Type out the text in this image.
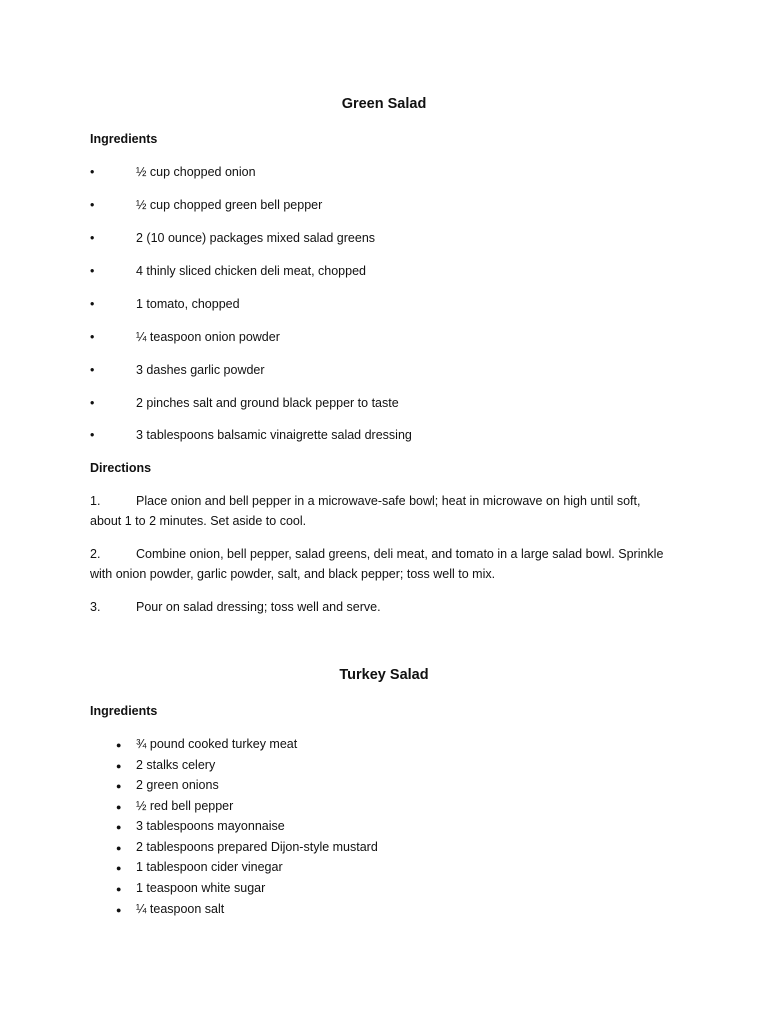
Green Salad
Ingredients
•	½ cup chopped onion
•	½ cup chopped green bell pepper
•	2 (10 ounce) packages mixed salad greens
•	4 thinly sliced chicken deli meat, chopped
•	1 tomato, chopped
•	¼ teaspoon onion powder
•	3 dashes garlic powder
•	2 pinches salt and ground black pepper to taste
•	3 tablespoons balsamic vinaigrette salad dressing
Directions
1.	Place onion and bell pepper in a microwave-safe bowl; heat in microwave on high until soft,
about 1 to 2 minutes. Set aside to cool.
2.	Combine onion, bell pepper, salad greens, deli meat, and tomato in a large salad bowl. Sprinkle
with onion powder, garlic powder, salt, and black pepper; toss well to mix.
3.	Pour on salad dressing; toss well and serve.
Turkey Salad
Ingredients
● ¾ pound cooked turkey meat
● 2 stalks celery
● 2 green onions
● ½ red bell pepper
● 3 tablespoons mayonnaise
● 2 tablespoons prepared Dijon-style mustard
● 1 tablespoon cider vinegar
● 1 teaspoon white sugar
● ¼ teaspoon salt
